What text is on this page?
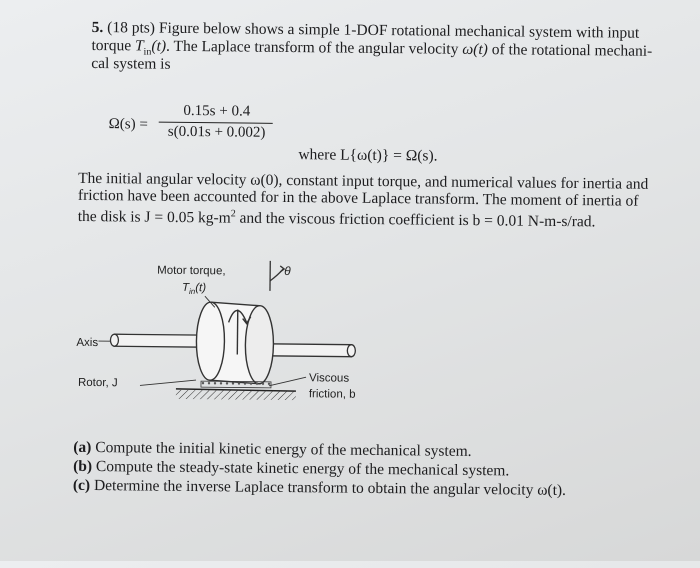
5. (18 pts) Figure below shows a simple 1-DOF rotational mechanical system with input

torque $T_{in}(t)$. The Laplace transform of the angular velocity ω(t) of the rotational mechani-

cal system is

Ω(s) =
0.15s + 0.4
s(0.01s + 0.002)

where L{ω(t)} = Ω(s).

The initial angular velocity ω(0), constant input torque, and numerical values for inertia and

friction have been accounted for in the above Laplace transform. The moment of inertia of

the disk is J = 0.05 $kg-m^2$ and the viscous friction coefficient is b = 0.01 N-m-s/rad.

Motor torque,
$T_{in}(t)$
θ
Axis
Rotor, J	Viscous
friction, b

(a) Compute the initial kinetic energy of the mechanical system.

(b) Compute the steady-state kinetic energy of the mechanical system.

(c) Determine the inverse Laplace transform to obtain the angular velocity ω(t).
